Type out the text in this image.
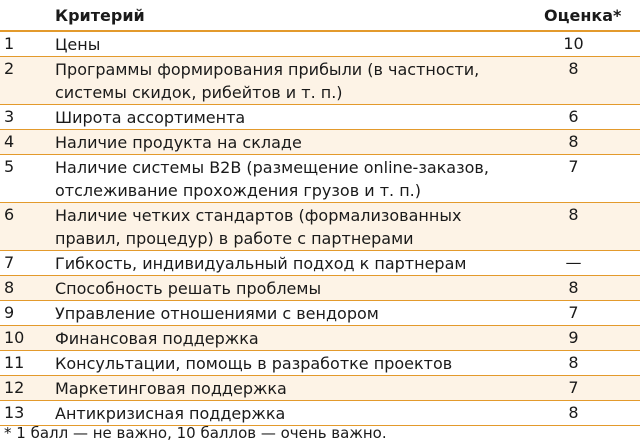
	Критерий	Оценка*
1	Цены	10
2	Программы формирования прибыли (в частности,
системы скидок, рибейтов и т. п.)	8
3	Широта ассортимента	6
4	Наличие продукта на складе	8
5	Наличие системы В2В (размещение online-заказов,
отслеживание прохождения грузов и т. п.)	7
6	Наличие четких стандартов (формализованных
правил, процедур) в работе с партнерами	8
7	Гибкость, индивидуальный подход к партнерам	—
8	Способность решать проблемы	8
9	Управление отношениями с вендором	7
10	Финансовая поддержка	9
11	Консультации, помощь в разработке проектов	8
12	Маркетинговая поддержка	7
13	Антикризисная поддержка	8
* 1 балл — не важно, 10 баллов — очень важно.
